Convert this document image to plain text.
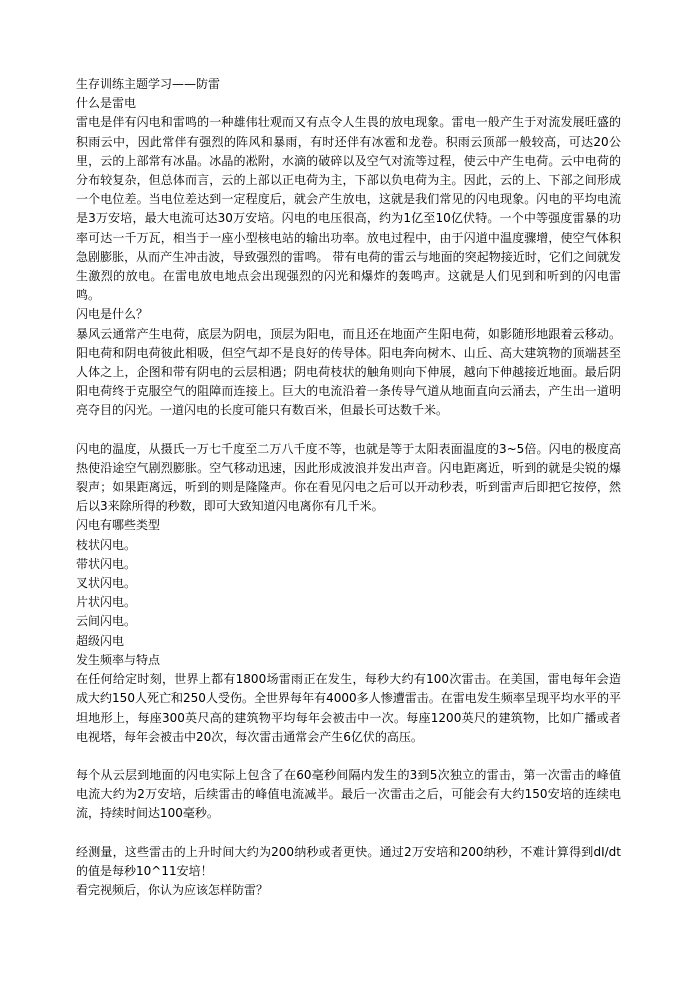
生存训练主题学习——防雷

什么是雷电

雷电是伴有闪电和雷鸣的一种雄伟壮观而又有点令人生畏的放电现象。雷电一般产生于对流发展旺盛的积雨云中，因此常伴有强烈的阵风和暴雨，有时还伴有冰雹和龙卷。积雨云顶部一般较高，可达20公里，云的上部常有冰晶。冰晶的凇附，水滴的破碎以及空气对流等过程，使云中产生电荷。云中电荷的分布较复杂，但总体而言，云的上部以正电荷为主，下部以负电荷为主。因此，云的上、下部之间形成一个电位差。当电位差达到一定程度后，就会产生放电，这就是我们常见的闪电现象。闪电的平均电流是3万安培，最大电流可达30万安培。闪电的电压很高，约为1亿至10亿伏特。一个中等强度雷暴的功率可达一千万瓦，相当于一座小型核电站的输出功率。放电过程中，由于闪道中温度骤增，使空气体积急剧膨胀，从而产生冲击波，导致强烈的雷鸣。 带有电荷的雷云与地面的突起物接近时，它们之间就发生激烈的放电。在雷电放电地点会出现强烈的闪光和爆炸的轰鸣声。这就是人们见到和听到的闪电雷鸣。

闪电是什么？

暴风云通常产生电荷，底层为阴电，顶层为阳电，而且还在地面产生阳电荷，如影随形地跟着云移动。阳电荷和阴电荷彼此相吸，但空气却不是良好的传导体。阳电奔向树木、山丘、高大建筑物的顶端甚至人体之上，企图和带有阴电的云层相遇；阴电荷枝状的触角则向下伸展，越向下伸越接近地面。最后阴阳电荷终于克服空气的阻障而连接上。巨大的电流沿着一条传导气道从地面直向云涌去，产生出一道明亮夺目的闪光。一道闪电的长度可能只有数百米，但最长可达数千米。

闪电的温度，从摄氏一万七千度至二万八千度不等，也就是等于太阳表面温度的3~5倍。闪电的极度高热使沿途空气剧烈膨胀。空气移动迅速，因此形成波浪并发出声音。闪电距离近，听到的就是尖锐的爆裂声；如果距离远，听到的则是隆隆声。你在看见闪电之后可以开动秒表，听到雷声后即把它按停，然后以3来除所得的秒数，即可大致知道闪电离你有几千米。

闪电有哪些类型

枝状闪电。

带状闪电。

叉状闪电。

片状闪电。

云间闪电。

超级闪电

发生频率与特点

在任何给定时刻，世界上都有1800场雷雨正在发生，每秒大约有100次雷击。在美国，雷电每年会造成大约150人死亡和250人受伤。全世界每年有4000多人惨遭雷击。在雷电发生频率呈现平均水平的平坦地形上，每座300英尺高的建筑物平均每年会被击中一次。每座1200英尺的建筑物，比如广播或者电视塔，每年会被击中20次，每次雷击通常会产生6亿伏的高压。

每个从云层到地面的闪电实际上包含了在60毫秒间隔内发生的3到5次独立的雷击，第一次雷击的峰值电流大约为2万安培，后续雷击的峰值电流减半。最后一次雷击之后，可能会有大约150安培的连续电流，持续时间达100毫秒。

经测量，这些雷击的上升时间大约为200纳秒或者更快。通过2万安培和200纳秒，不难计算得到dI/dt的值是每秒10^11安培！

看完视频后，你认为应该怎样防雷？
